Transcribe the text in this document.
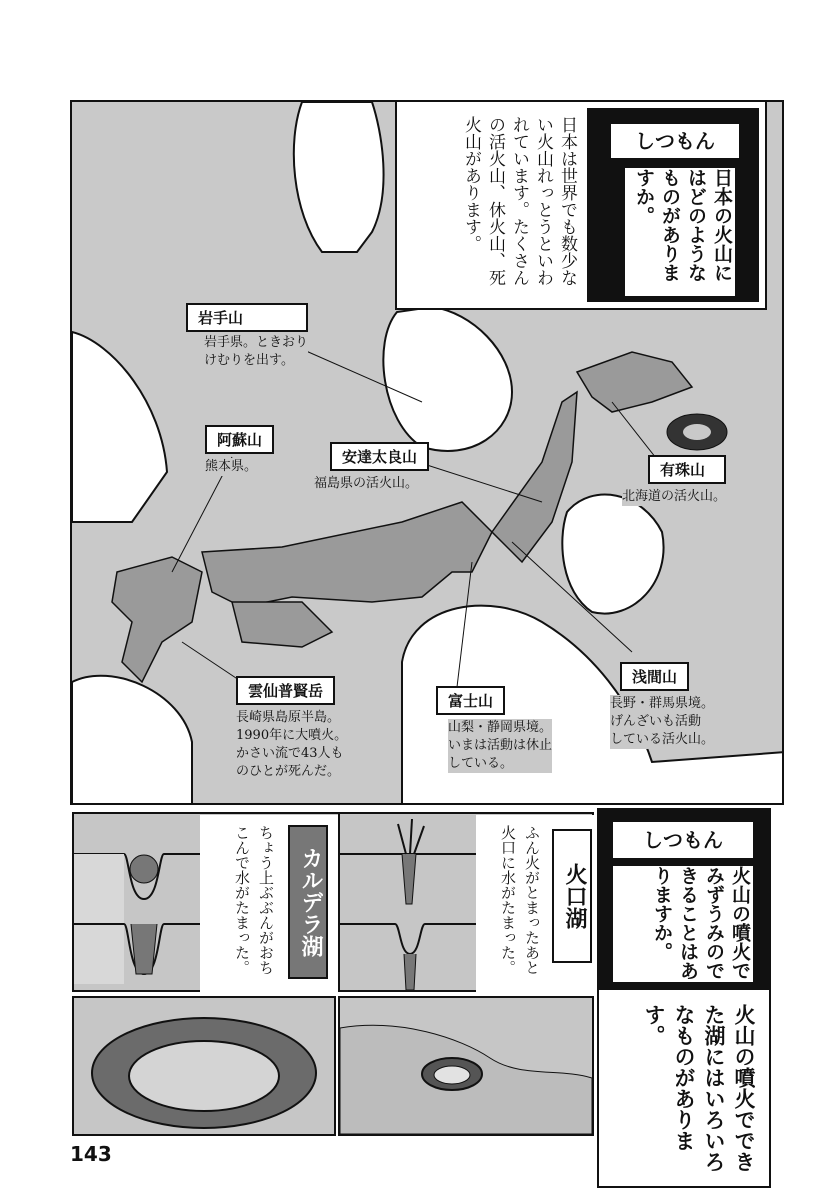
しつもん
日本の火山にはどのようなものがありますか。
日本は世界でも数少ない火山れっとうといわれています。たくさんの活火山、休火山、死火山があります。
岩手山
岩手県。ときおり
けむりを出す。
阿蘇山
熊本県。
安達太良山
福島県の活火山。
有珠山
北海道の活火山。
雲仙普賢岳
長崎県島原半島。
1990年に大噴火。
かさい流で43人も
のひとが死んだ。
富士山
山梨・静岡県境。
いまは活動は休止
している。
浅間山
長野・群馬県境。
げんざいも活動
している活火山。
カルデラ湖
ちょう上ぶぶんがおちこんで水がたまった。	火口湖
ふん火がとまったあと火口に水がたまった。	しつもん
火山の噴火でみずうみのできることはありますか。
火山の噴火でできた湖にはいろいろなものがあります。
143
